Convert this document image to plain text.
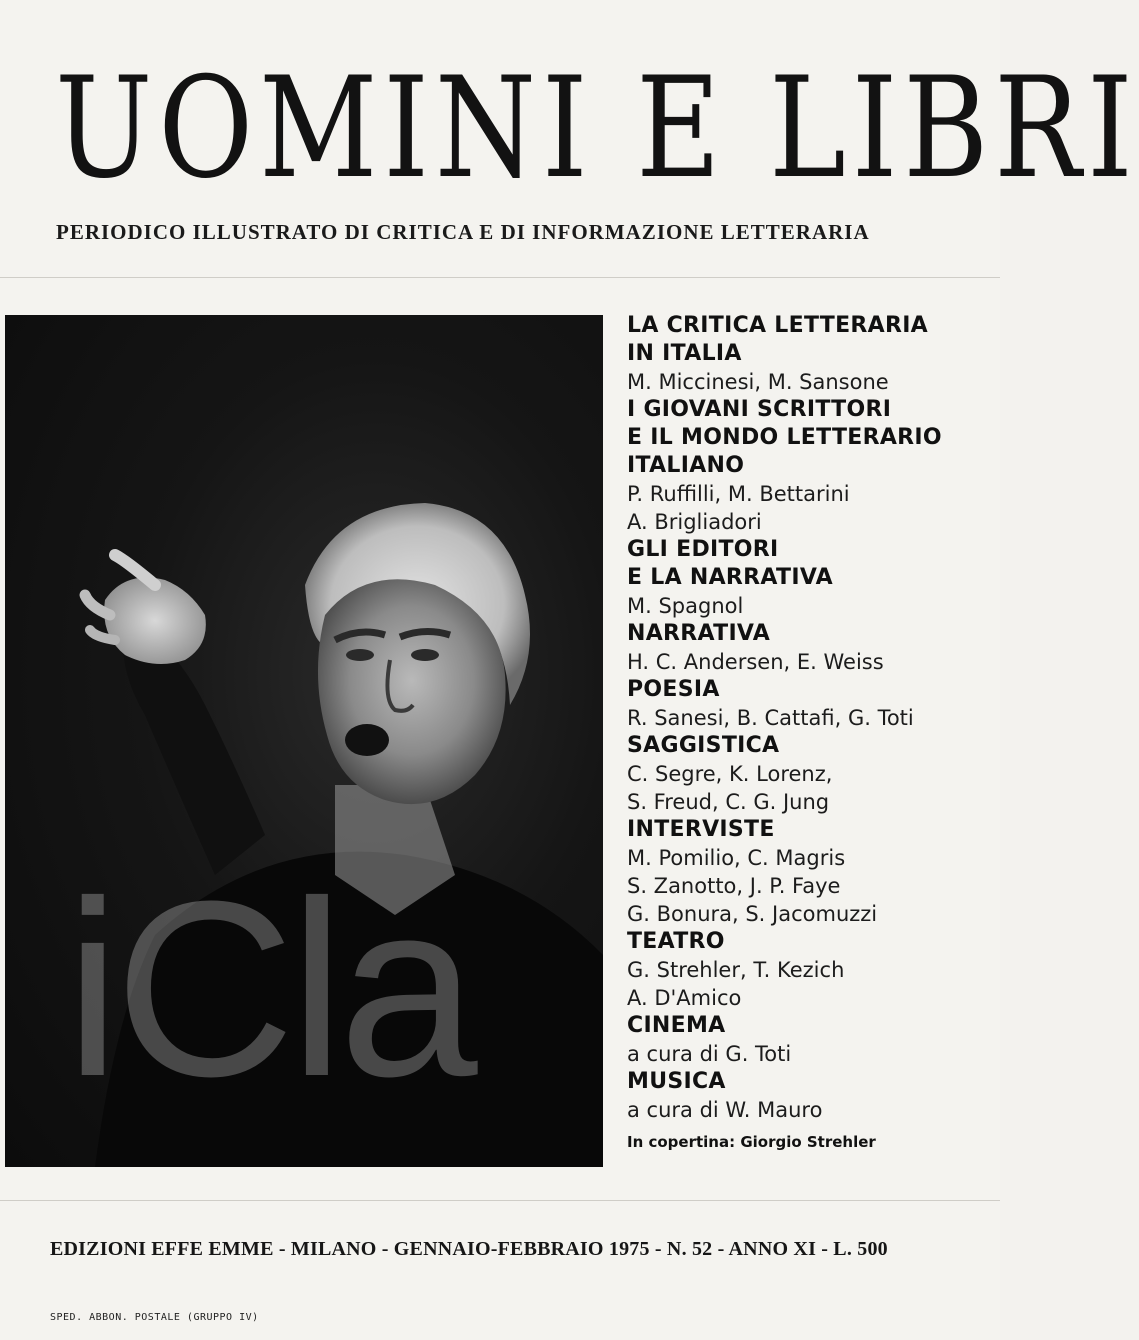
UOMINI E LIBRI
PERIODICO ILLUSTRATO DI CRITICA E DI INFORMAZIONE LETTERARIA
iCla
LA CRITICA LETTERARIA
IN ITALIA
M. Miccinesi, M. Sansone
I GIOVANI SCRITTORI
E IL MONDO LETTERARIO
ITALIANO
P. Ruffilli, M. Bettarini
A. Brigliadori
GLI EDITORI
E LA NARRATIVA
M. Spagnol
NARRATIVA
H. C. Andersen, E. Weiss
POESIA
R. Sanesi, B. Cattafi, G. Toti
SAGGISTICA
C. Segre, K. Lorenz,
S. Freud, C. G. Jung
INTERVISTE
M. Pomilio, C. Magris
S. Zanotto, J. P. Faye
G. Bonura, S. Jacomuzzi
TEATRO
G. Strehler, T. Kezich
A. D'Amico
CINEMA
a cura di G. Toti
MUSICA
a cura di W. Mauro
In copertina: Giorgio Strehler
EDIZIONI EFFE EMME - MILANO - GENNAIO-FEBBRAIO 1975 - N. 52 - ANNO XI - L. 500
SPED. ABBON. POSTALE (GRUPPO IV)
